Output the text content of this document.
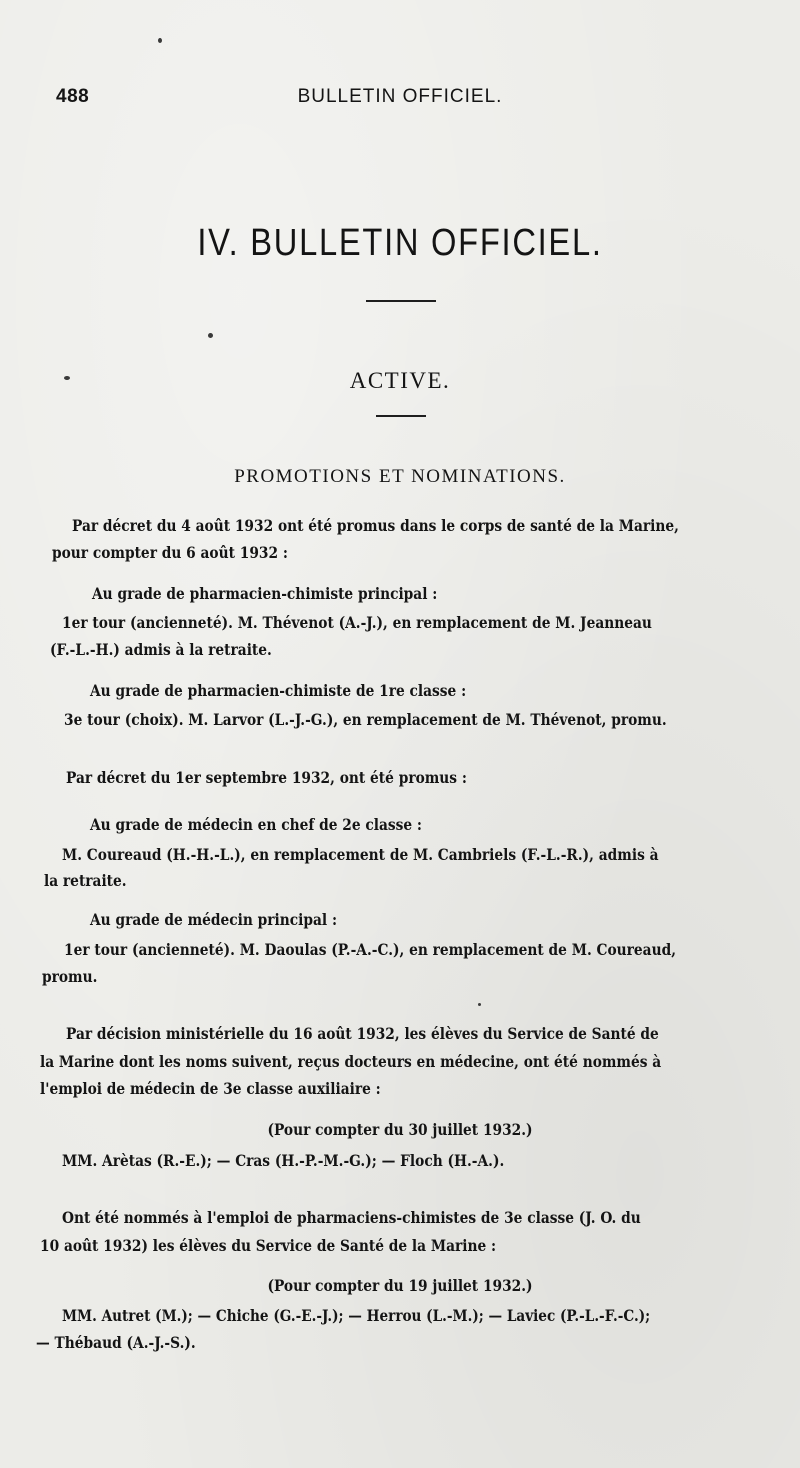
488	BULLETIN OFFICIEL.
IV. BULLETIN OFFICIEL.
ACTIVE.
PROMOTIONS ET NOMINATIONS.
Par décret du 4 août 1932 ont été promus dans le corps de santé de la Marine,
pour compter du 6 août 1932 :
Au grade de pharmacien-chimiste principal :
1er tour (ancienneté). M. Thévenot (A.-J.), en remplacement de M. Jeanneau
(F.-L.-H.) admis à la retraite.
Au grade de pharmacien-chimiste de 1re classe :
3e tour (choix). M. Larvor (L.-J.-G.), en remplacement de M. Thévenot, promu.
Par décret du 1er septembre 1932, ont été promus :
Au grade de médecin en chef de 2e classe :
M. Coureaud (H.-H.-L.), en remplacement de M. Cambriels (F.-L.-R.), admis à
la retraite.
Au grade de médecin principal :
1er tour (ancienneté). M. Daoulas (P.-A.-C.), en remplacement de M. Coureaud,
promu.
Par décision ministérielle du 16 août 1932, les élèves du Service de Santé de
la Marine dont les noms suivent, reçus docteurs en médecine, ont été nommés à
l'emploi de médecin de 3e classe auxiliaire :
(Pour compter du 30 juillet 1932.)
MM. Arètas (R.-E.); — Cras (H.-P.-M.-G.); — Floch (H.-A.).
Ont été nommés à l'emploi de pharmaciens-chimistes de 3e classe (J. O. du
10 août 1932) les élèves du Service de Santé de la Marine :
(Pour compter du 19 juillet 1932.)
MM. Autret (M.); — Chiche (G.-E.-J.); — Herrou (L.-M.); — Laviec (P.-L.-F.-C.);
— Thébaud (A.-J.-S.).
